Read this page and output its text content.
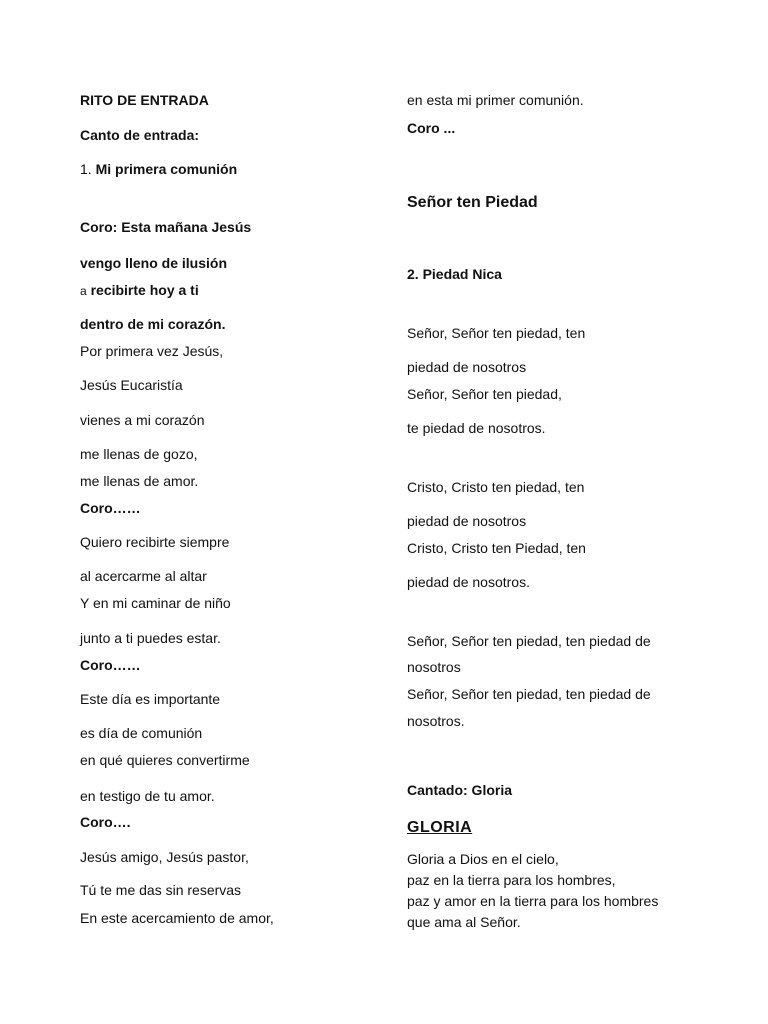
RITO DE ENTRADA
Canto de entrada:
1. Mi primera comunión
Coro: Esta mañana Jesús
vengo lleno de ilusión
a recibirte hoy a ti
dentro de mi corazón.
Por primera vez Jesús,
Jesús Eucaristía
vienes a mi corazón
me llenas de gozo,
me llenas de amor.
Coro……
Quiero recibirte siempre
al acercarme al altar
Y en mi caminar de niño
junto a ti puedes estar.
Coro……
Este día es importante
es día de comunión
en qué quieres convertirme
en testigo de tu amor.
Coro….
Jesús amigo, Jesús pastor,
Tú te me das sin reservas
En este acercamiento de amor,
en esta mi primer comunión.
Coro ...
Señor ten Piedad
2. Piedad Nica
Señor, Señor ten piedad, ten
piedad de nosotros
Señor, Señor ten piedad,
te piedad de nosotros.
Cristo, Cristo ten piedad, ten
piedad de nosotros
Cristo, Cristo ten Piedad, ten
piedad de nosotros.
Señor, Señor ten piedad, ten piedad de
nosotros
Señor, Señor ten piedad, ten piedad de
nosotros.
Cantado: Gloria
GLORIA
Gloria a Dios en el cielo,
paz en la tierra para los hombres,
paz y amor en la tierra para los hombres
que ama al Señor.
